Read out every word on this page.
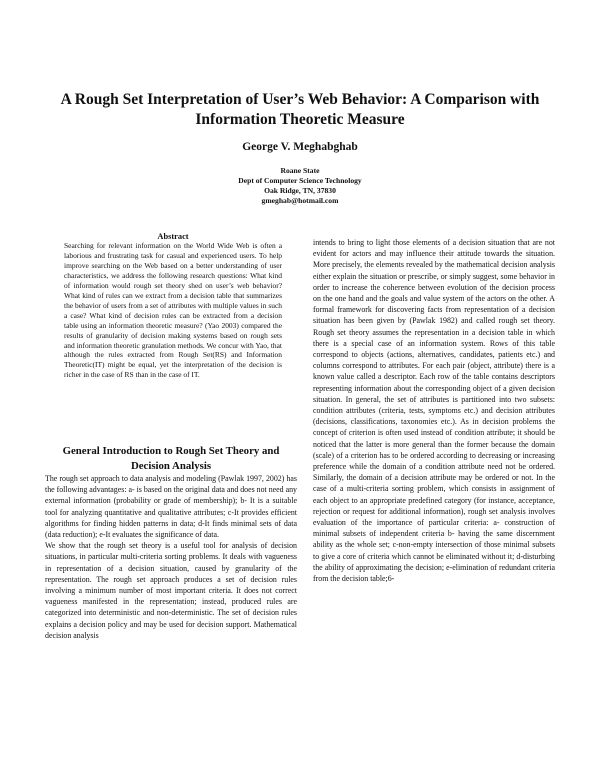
A Rough Set Interpretation of User’s Web Behavior: A Comparison with Information Theoretic Measure
George V. Meghabghab
Roane State
Dept of Computer Science Technology
Oak Ridge, TN, 37830
gmeghab@hotmail.com
Abstract

Searching for relevant information on the World Wide Web is often a laborious and frustrating task for casual and experienced users. To help improve searching on the Web based on a better understanding of user characteristics, we address the following research questions: What kind of information would rough set theory shed on user’s web behavior? What kind of rules can we extract from a decision table that summarizes the behavior of users from a set of attributes with multiple values in such a case? What kind of decision rules can be extracted from a decision table using an information theoretic measure? (Yao 2003) compared the results of granularity of decision making systems based on rough sets and information theoretic granulation methods. We concur with Yao, that although the rules extracted from Rough Set(RS) and Information Theoretic(IT) might be equal, yet the interpretation of the decision is richer in the case of RS than in the case of IT.

General Introduction to Rough Set Theory and Decision Analysis

The rough set approach to data analysis and modeling (Pawlak 1997, 2002) has the following advantages: a- is based on the original data and does not need any external information (probability or grade of membership); b- It is a suitable tool for analyzing quantitative and qualitative attributes; c-It provides efficient algorithms for finding hidden patterns in data; d-It finds minimal sets of data (data reduction); e-It evaluates the significance of data.

We show that the rough set theory is a useful tool for analysis of decision situations, in particular multi-criteria sorting problems. It deals with vagueness in representation of a decision situation, caused by granularity of the representation. The rough set approach produces a set of decision rules involving a minimum number of most important criteria. It does not correct vagueness manifested in the representation; instead, produced rules are categorized into deterministic and non-deterministic. The set of decision rules explains a decision policy and may be used for decision support. Mathematical decision analysis

intends to bring to light those elements of a decision situation that are not evident for actors and may influence their attitude towards the situation. More precisely, the elements revealed by the mathematical decision analysis either explain the situation or prescribe, or simply suggest, some behavior in order to increase the coherence between evolution of the decision process on the one hand and the goals and value system of the actors on the other. A formal framework for discovering facts from representation of a decision situation has been given by (Pawlak 1982) and called rough set theory. Rough set theory assumes the representation in a decision table in which there is a special case of an information system. Rows of this table correspond to objects (actions, alternatives, candidates, patients etc.) and columns correspond to attributes. For each pair (object, attribute) there is a known value called a descriptor. Each row of the table contains descriptors representing information about the corresponding object of a given decision situation. In general, the set of attributes is partitioned into two subsets: condition attributes (criteria, tests, symptoms etc.) and decision attributes (decisions, classifications, taxonomies etc.). As in decision problems the concept of criterion is often used instead of condition attribute; it should be noticed that the latter is more general than the former because the domain (scale) of a criterion has to be ordered according to decreasing or increasing preference while the domain of a condition attribute need not be ordered. Similarly, the domain of a decision attribute may be ordered or not. In the case of a multi-criteria sorting problem, which consists in assignment of each object to an appropriate predefined category (for instance, acceptance, rejection or request for additional information), rough set analysis involves evaluation of the importance of particular criteria: a- construction of minimal subsets of independent criteria b- having the same discernment ability as the whole set; c-non-empty intersection of those minimal subsets to give a core of criteria which cannot be eliminated without it; d-disturbing the ability of approximating the decision; e-elimination of redundant criteria from the decision table;6-
